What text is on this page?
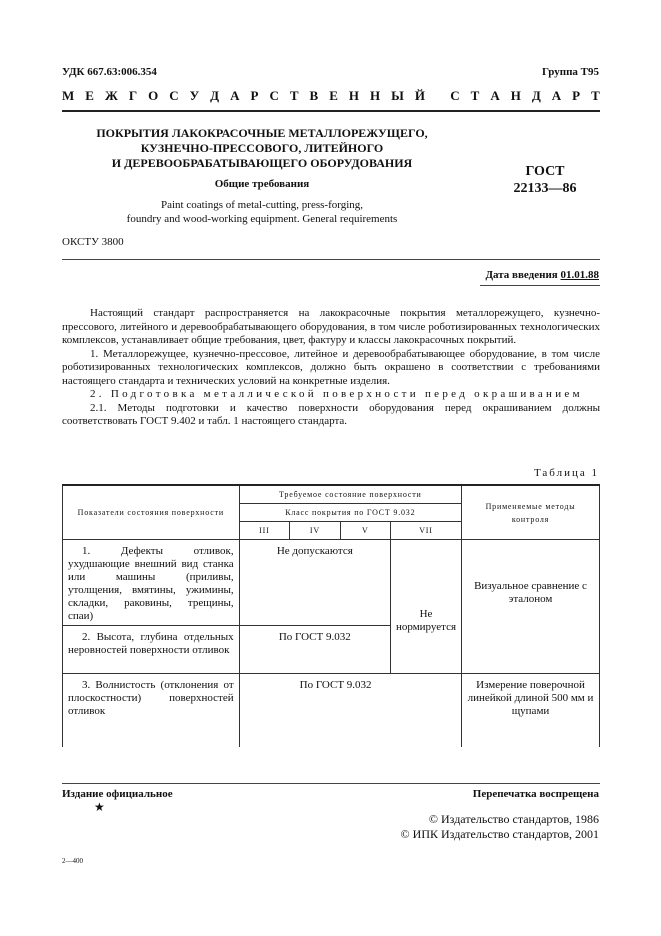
УДК 667.63:006.354	Группа Т95
М Е Ж Г О С У Д А Р С Т В Е Н Н Ы Й
С Т А Н Д А Р Т
ПОКРЫТИЯ ЛАКОКРАСОЧНЫЕ МЕТАЛЛОРЕЖУЩЕГО,
КУЗНЕЧНО-ПРЕССОВОГО, ЛИТЕЙНОГО
И ДЕРЕВООБРАБАТЫВАЮЩЕГО ОБОРУДОВАНИЯ
Общие требования
Paint coatings of metal-cutting, press-forging,
foundry and wood-working equipment. General requirements
ГОСТ
22133—86
ОКСТУ 3800
Дата введения 01.01.88

Настоящий стандарт распространяется на лакокрасочные покрытия металлорежущего, кузнечно-прессового, литейного и деревообрабатывающего оборудования, в том числе роботизированных технологических комплексов, устанавливает общие требования, цвет, фактуру и классы лакокрасочных покрытий.

1. Металлорежущее, кузнечно-прессовое, литейное и деревообрабатывающее оборудование, в том числе роботизированных технологических комплексов, должно быть окрашено в соответствии с требованиями настоящего стандарта и технических условий на конкретные изделия.

2. Подготовка металлической поверхности перед окрашиванием

2.1. Методы подготовки и качество поверхности оборудования перед окрашиванием должны соответствовать ГОСТ 9.402 и табл. 1 настоящего стандарта.

Таблица 1
Показатели состояния поверхности	Требуемое состояние поверхности				Применяемые методы контроля
	Класс покрытия по ГОСТ 9.032				
	III	IV	V	VII	
1. Дефекты отливок, ухудшающие внешний вид станка или машины (приливы, утолщения, вмятины, ужимины, складки, раковины, трещины, спаи)	Не допускаются			Не нормируется	Визуальное сравнение с эталоном
2. Высота, глубина отдельных неровностей поверхности отливок	По ГОСТ 9.032				
3. Волнистость (отклонения от плоскостности) поверхностей отливок	По ГОСТ 9.032				Измерение поверочной линейкой длиной 500 мм и щупами
Издание официальное
★
Перепечатка воспрещена
© Издательство стандартов, 1986
© ИПК Издательство стандартов, 2001
2—400
